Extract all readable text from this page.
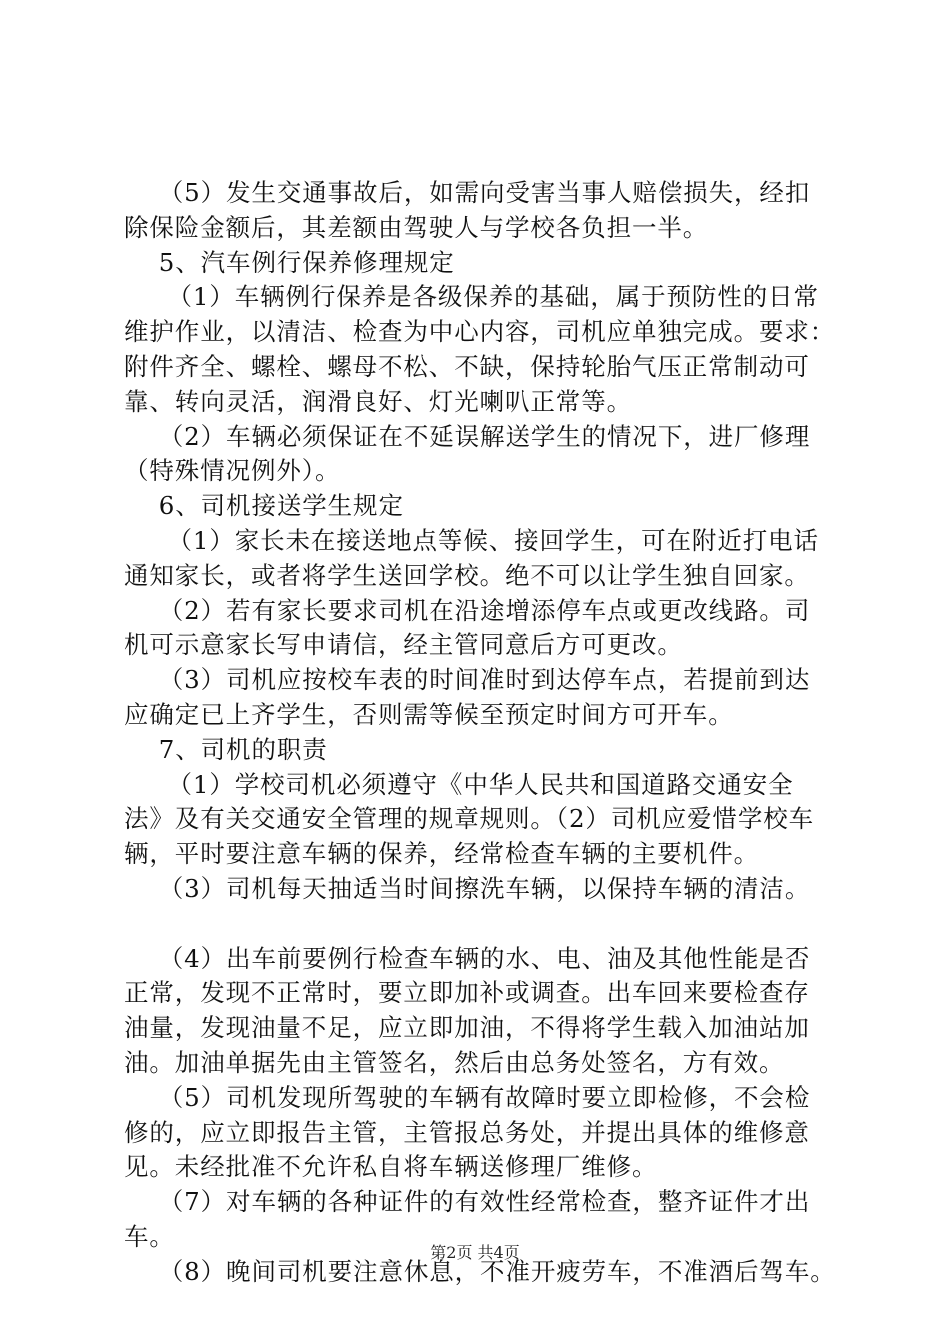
（5）发生交通事故后，如需向受害当事人赔偿损失，经扣
除保险金额后，其差额由驾驶人与学校各负担一半。
5、汽车例行保养修理规定
（1）车辆例行保养是各级保养的基础，属于预防性的日常
维护作业，以清洁、检查为中心内容，司机应单独完成。要求：
附件齐全、螺栓、螺母不松、不缺，保持轮胎气压正常制动可
靠、转向灵活，润滑良好、灯光喇叭正常等。
（2）车辆必须保证在不延误解送学生的情况下，进厂修理
（特殊情况例外）。
6、司机接送学生规定
（1）家长未在接送地点等候、接回学生，可在附近打电话
通知家长，或者将学生送回学校。绝不可以让学生独自回家。
（2）若有家长要求司机在沿途增添停车点或更改线路。司
机可示意家长写申请信，经主管同意后方可更改。
（3）司机应按校车表的时间准时到达停车点，若提前到达
应确定已上齐学生，否则需等候至预定时间方可开车。
7、司机的职责
（1）学校司机必须遵守《中华人民共和国道路交通安全
法》及有关交通安全管理的规章规则。（2）司机应爱惜学校车
辆，平时要注意车辆的保养，经常检查车辆的主要机件。
（3）司机每天抽适当时间擦洗车辆，以保持车辆的清洁。
（4）出车前要例行检查车辆的水、电、油及其他性能是否
正常，发现不正常时，要立即加补或调查。出车回来要检查存
油量，发现油量不足，应立即加油，不得将学生载入加油站加
油。加油单据先由主管签名，然后由总务处签名，方有效。
（5）司机发现所驾驶的车辆有故障时要立即检修，不会检
修的，应立即报告主管，主管报总务处，并提出具体的维修意
见。未经批准不允许私自将车辆送修理厂维修。
（7）对车辆的各种证件的有效性经常检查，整齐证件才出
车。
（8）晚间司机要注意休息，不准开疲劳车，不准酒后驾车。
第2页 共4页
